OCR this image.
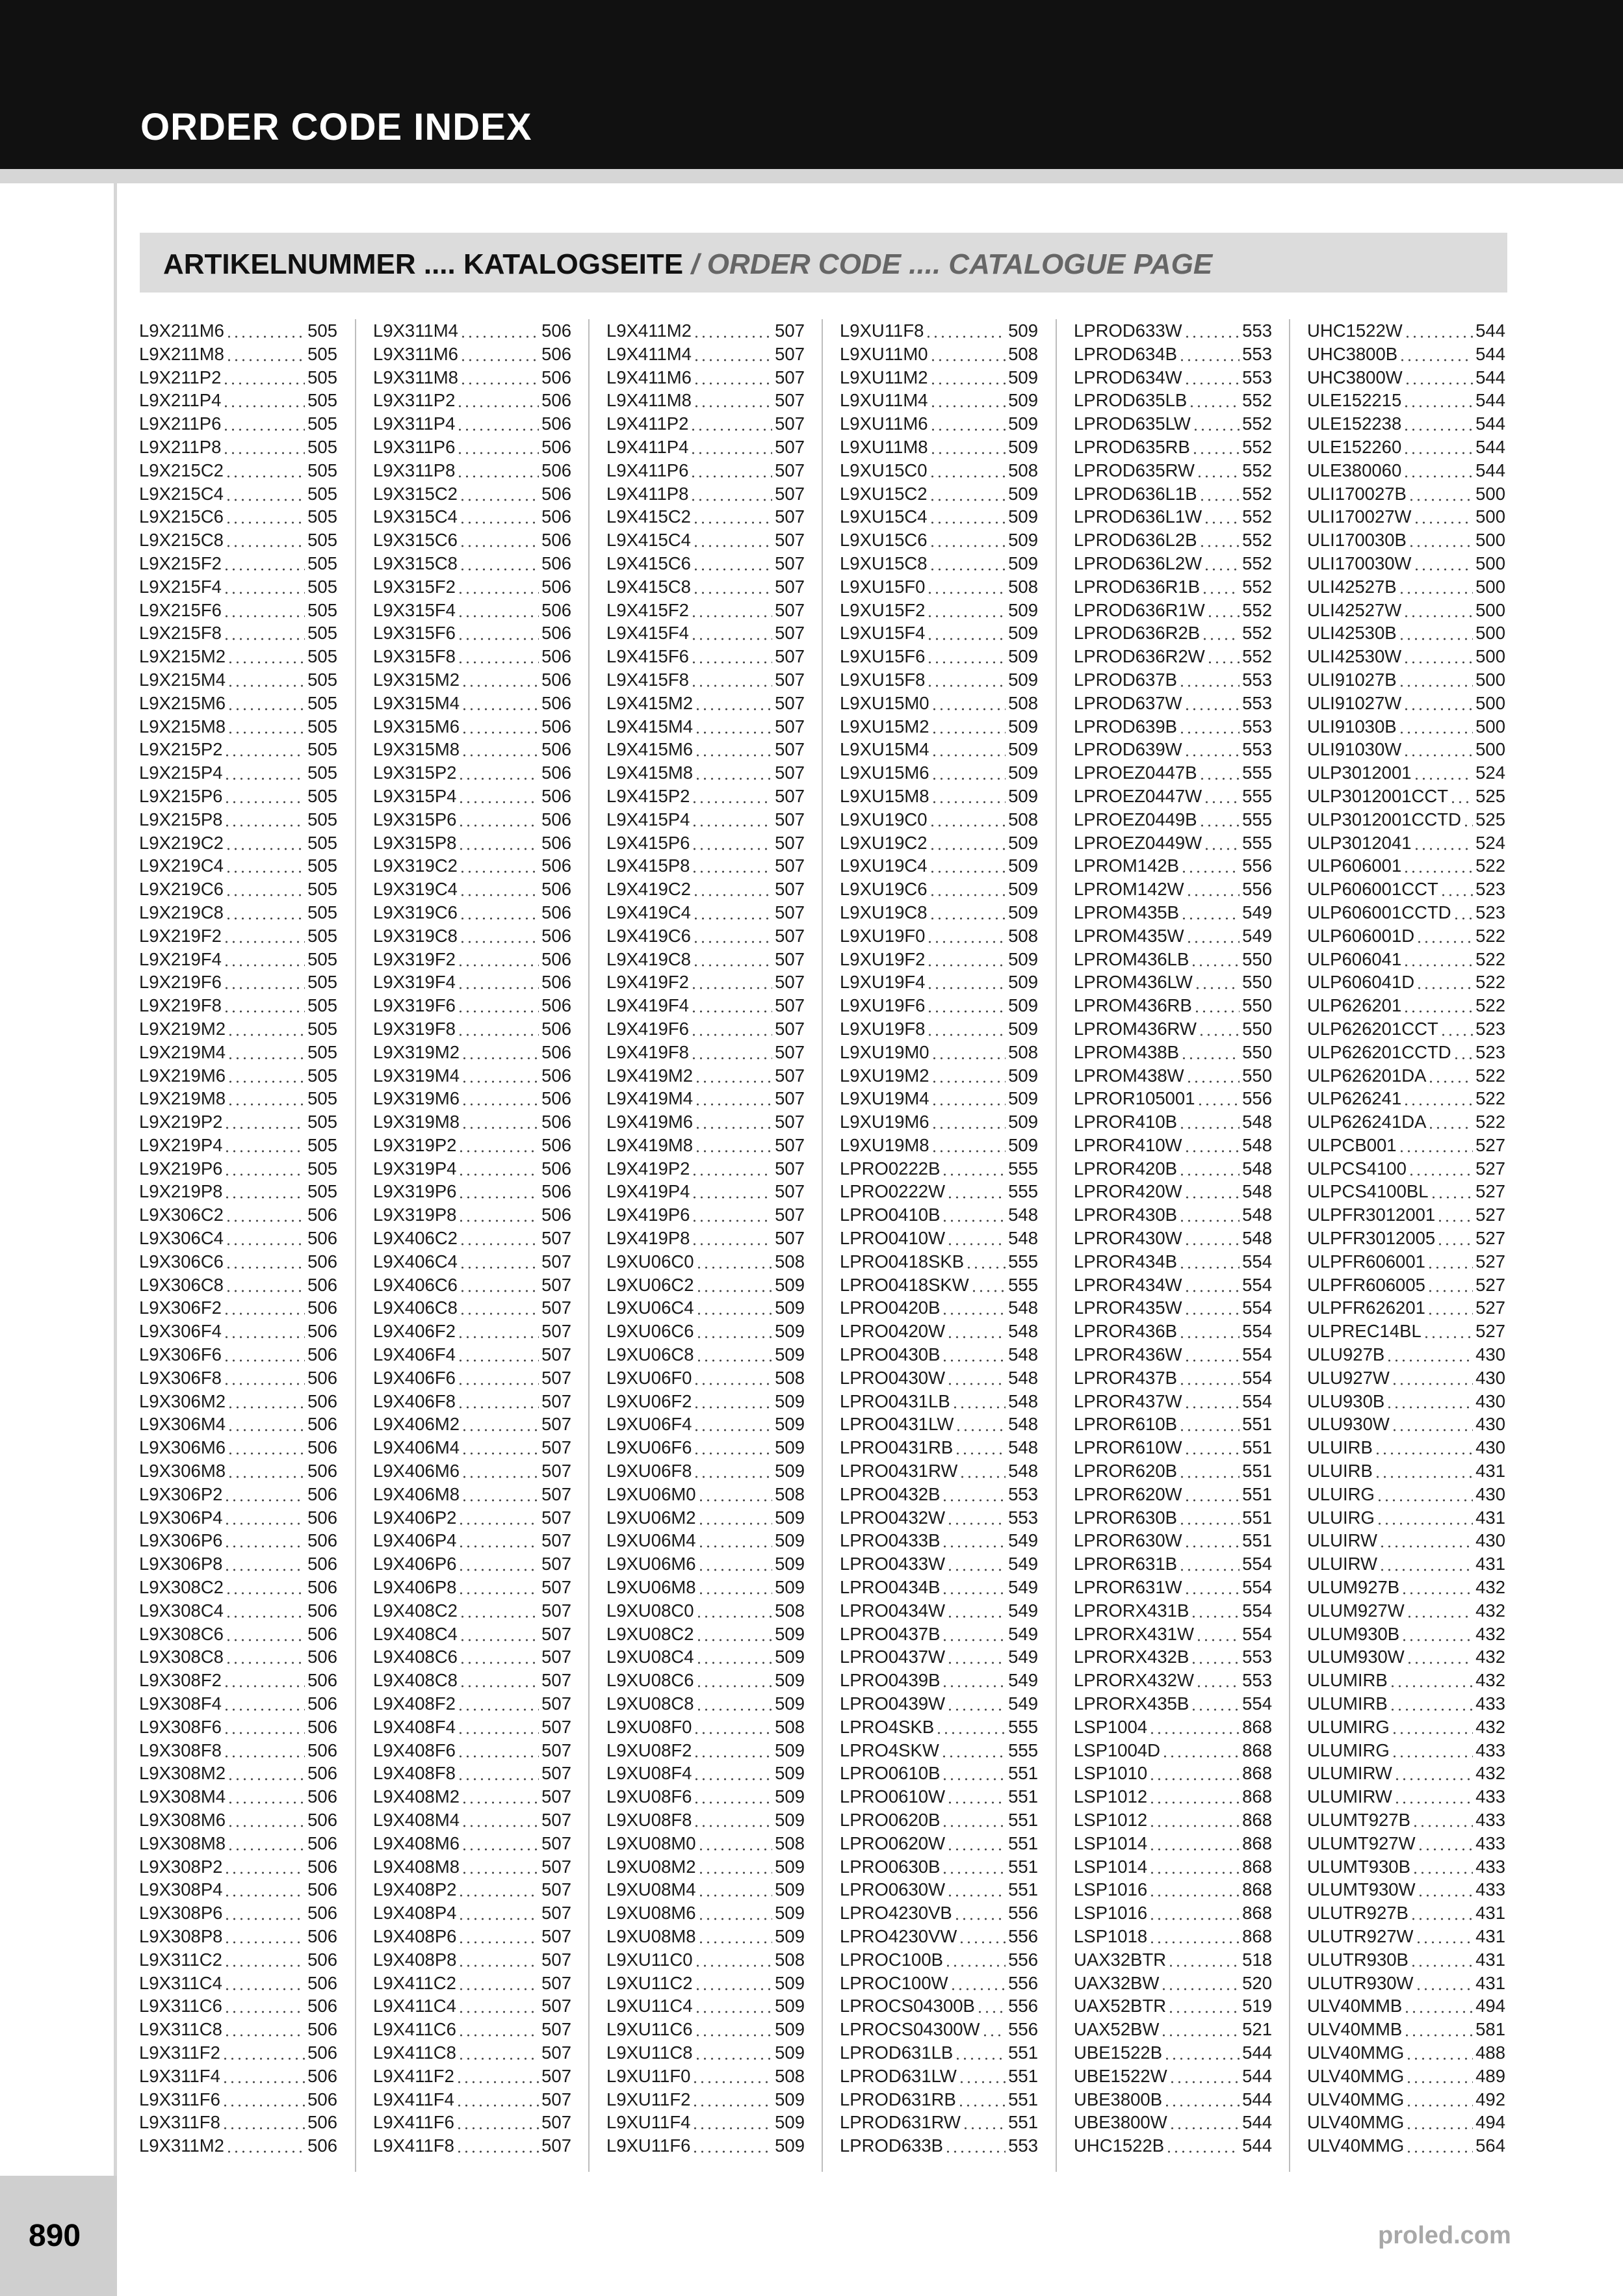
ORDER CODE INDEX
ARTIKELNUMMER .... KATALOGSEITE / ORDER CODE .... CATALOGUE PAGE
L9X211M6	505
L9X211M8	505
L9X211P2	505
L9X211P4	505
L9X211P6	505
L9X211P8	505
L9X215C2	505
L9X215C4	505
L9X215C6	505
L9X215C8	505
L9X215F2	505
L9X215F4	505
L9X215F6	505
L9X215F8	505
L9X215M2	505
L9X215M4	505
L9X215M6	505
L9X215M8	505
L9X215P2	505
L9X215P4	505
L9X215P6	505
L9X215P8	505
L9X219C2	505
L9X219C4	505
L9X219C6	505
L9X219C8	505
L9X219F2	505
L9X219F4	505
L9X219F6	505
L9X219F8	505
L9X219M2	505
L9X219M4	505
L9X219M6	505
L9X219M8	505
L9X219P2	505
L9X219P4	505
L9X219P6	505
L9X219P8	505
L9X306C2	506
L9X306C4	506
L9X306C6	506
L9X306C8	506
L9X306F2	506
L9X306F4	506
L9X306F6	506
L9X306F8	506
L9X306M2	506
L9X306M4	506
L9X306M6	506
L9X306M8	506
L9X306P2	506
L9X306P4	506
L9X306P6	506
L9X306P8	506
L9X308C2	506
L9X308C4	506
L9X308C6	506
L9X308C8	506
L9X308F2	506
L9X308F4	506
L9X308F6	506
L9X308F8	506
L9X308M2	506
L9X308M4	506
L9X308M6	506
L9X308M8	506
L9X308P2	506
L9X308P4	506
L9X308P6	506
L9X308P8	506
L9X311C2	506
L9X311C4	506
L9X311C6	506
L9X311C8	506
L9X311F2	506
L9X311F4	506
L9X311F6	506
L9X311F8	506
L9X311M2	506
L9X311M4	506
L9X311M6	506
L9X311M8	506
L9X311P2	506
L9X311P4	506
L9X311P6	506
L9X311P8	506
L9X315C2	506
L9X315C4	506
L9X315C6	506
L9X315C8	506
L9X315F2	506
L9X315F4	506
L9X315F6	506
L9X315F8	506
L9X315M2	506
L9X315M4	506
L9X315M6	506
L9X315M8	506
L9X315P2	506
L9X315P4	506
L9X315P6	506
L9X315P8	506
L9X319C2	506
L9X319C4	506
L9X319C6	506
L9X319C8	506
L9X319F2	506
L9X319F4	506
L9X319F6	506
L9X319F8	506
L9X319M2	506
L9X319M4	506
L9X319M6	506
L9X319M8	506
L9X319P2	506
L9X319P4	506
L9X319P6	506
L9X319P8	506
L9X406C2	507
L9X406C4	507
L9X406C6	507
L9X406C8	507
L9X406F2	507
L9X406F4	507
L9X406F6	507
L9X406F8	507
L9X406M2	507
L9X406M4	507
L9X406M6	507
L9X406M8	507
L9X406P2	507
L9X406P4	507
L9X406P6	507
L9X406P8	507
L9X408C2	507
L9X408C4	507
L9X408C6	507
L9X408C8	507
L9X408F2	507
L9X408F4	507
L9X408F6	507
L9X408F8	507
L9X408M2	507
L9X408M4	507
L9X408M6	507
L9X408M8	507
L9X408P2	507
L9X408P4	507
L9X408P6	507
L9X408P8	507
L9X411C2	507
L9X411C4	507
L9X411C6	507
L9X411C8	507
L9X411F2	507
L9X411F4	507
L9X411F6	507
L9X411F8	507
L9X411M2	507
L9X411M4	507
L9X411M6	507
L9X411M8	507
L9X411P2	507
L9X411P4	507
L9X411P6	507
L9X411P8	507
L9X415C2	507
L9X415C4	507
L9X415C6	507
L9X415C8	507
L9X415F2	507
L9X415F4	507
L9X415F6	507
L9X415F8	507
L9X415M2	507
L9X415M4	507
L9X415M6	507
L9X415M8	507
L9X415P2	507
L9X415P4	507
L9X415P6	507
L9X415P8	507
L9X419C2	507
L9X419C4	507
L9X419C6	507
L9X419C8	507
L9X419F2	507
L9X419F4	507
L9X419F6	507
L9X419F8	507
L9X419M2	507
L9X419M4	507
L9X419M6	507
L9X419M8	507
L9X419P2	507
L9X419P4	507
L9X419P6	507
L9X419P8	507
L9XU06C0	508
L9XU06C2	509
L9XU06C4	509
L9XU06C6	509
L9XU06C8	509
L9XU06F0	508
L9XU06F2	509
L9XU06F4	509
L9XU06F6	509
L9XU06F8	509
L9XU06M0	508
L9XU06M2	509
L9XU06M4	509
L9XU06M6	509
L9XU06M8	509
L9XU08C0	508
L9XU08C2	509
L9XU08C4	509
L9XU08C6	509
L9XU08C8	509
L9XU08F0	508
L9XU08F2	509
L9XU08F4	509
L9XU08F6	509
L9XU08F8	509
L9XU08M0	508
L9XU08M2	509
L9XU08M4	509
L9XU08M6	509
L9XU08M8	509
L9XU11C0	508
L9XU11C2	509
L9XU11C4	509
L9XU11C6	509
L9XU11C8	509
L9XU11F0	508
L9XU11F2	509
L9XU11F4	509
L9XU11F6	509
L9XU11F8	509
L9XU11M0	508
L9XU11M2	509
L9XU11M4	509
L9XU11M6	509
L9XU11M8	509
L9XU15C0	508
L9XU15C2	509
L9XU15C4	509
L9XU15C6	509
L9XU15C8	509
L9XU15F0	508
L9XU15F2	509
L9XU15F4	509
L9XU15F6	509
L9XU15F8	509
L9XU15M0	508
L9XU15M2	509
L9XU15M4	509
L9XU15M6	509
L9XU15M8	509
L9XU19C0	508
L9XU19C2	509
L9XU19C4	509
L9XU19C6	509
L9XU19C8	509
L9XU19F0	508
L9XU19F2	509
L9XU19F4	509
L9XU19F6	509
L9XU19F8	509
L9XU19M0	508
L9XU19M2	509
L9XU19M4	509
L9XU19M6	509
L9XU19M8	509
LPRO0222B	555
LPRO0222W	555
LPRO0410B	548
LPRO0410W	548
LPRO0418SKB 555
LPRO0418SKW 555
LPRO0420B	548
LPRO0420W	548
LPRO0430B	548
LPRO0430W	548
LPRO0431LB	548
LPRO0431LW	548
LPRO0431RB	548
LPRO0431RW	548
LPRO0432B	553
LPRO0432W	553
LPRO0433B	549
LPRO0433W	549
LPRO0434B	549
LPRO0434W	549
LPRO0437B	549
LPRO0437W	549
LPRO0439B	549
LPRO0439W	549
LPRO4SKB	555
LPRO4SKW	555
LPRO0610B	551
LPRO0610W	551
LPRO0620B	551
LPRO0620W	551
LPRO0630B	551
LPRO0630W	551
LPRO4230VB	556
LPRO4230VW	556
LPROC100B	556
LPROC100W	556
LPROCS04300B 556
LPROCS04300W 556
LPROD631LB	551
LPROD631LW	551
LPROD631RB	551
LPROD631RW	551
LPROD633B	553
LPROD633W	553
LPROD634B	553
LPROD634W	553
LPROD635LB	552
LPROD635LW	552
LPROD635RB	552
LPROD635RW	552
LPROD636L1B	552
LPROD636L1W 552
LPROD636L2B	552
LPROD636L2W 552
LPROD636R1B 552
LPROD636R1W 552
LPROD636R2B 552
LPROD636R2W 552
LPROD637B	553
LPROD637W	553
LPROD639B	553
LPROD639W	553
LPROEZ0447B	555
LPROEZ0447W 555
LPROEZ0449B	555
LPROEZ0449W 555
LPROM142B	556
LPROM142W	556
LPROM435B	549
LPROM435W	549
LPROM436LB	550
LPROM436LW	550
LPROM436RB	550
LPROM436RW	550
LPROM438B	550
LPROM438W	550
LPROR105001	556
LPROR410B	548
LPROR410W	548
LPROR420B	548
LPROR420W	548
LPROR430B	548
LPROR430W	548
LPROR434B	554
LPROR434W	554
LPROR435W	554
LPROR436B	554
LPROR436W	554
LPROR437B	554
LPROR437W	554
LPROR610B	551
LPROR610W	551
LPROR620B	551
LPROR620W	551
LPROR630B	551
LPROR630W	551
LPROR631B	554
LPROR631W	554
LPRORX431B	554
LPRORX431W	554
LPRORX432B	553
LPRORX432W	553
LPRORX435B	554
LSP1004	868
LSP1004D	868
LSP1010	868
LSP1012	868
LSP1012	868
LSP1014	868
LSP1014	868
LSP1016	868
LSP1016	868
LSP1018	868
UAX32BTR	518
UAX32BW	520
UAX52BTR	519
UAX52BW	521
UBE1522B	544
UBE1522W	544
UBE3800B	544
UBE3800W	544
UHC1522B	544
UHC1522W	544
UHC3800B	544
UHC3800W	544
ULE152215	544
ULE152238	544
ULE152260	544
ULE380060	544
ULI170027B	500
ULI170027W	500
ULI170030B	500
ULI170030W	500
ULI42527B	500
ULI42527W	500
ULI42530B	500
ULI42530W	500
ULI91027B	500
ULI91027W	500
ULI91030B	500
ULI91030W	500
ULP3012001	524
ULP3012001CCT 525
ULP3012001CCTD 525
ULP3012041	524
ULP606001	522
ULP606001CCT 523
ULP606001CCTD 523
ULP606001D	522
ULP606041	522
ULP606041D	522
ULP626201	522
ULP626201CCT 523
ULP626201CCTD 523
ULP626201DA	522
ULP626241	522
ULP626241DA	522
ULPCB001	527
ULPCS4100	527
ULPCS4100BL	527
ULPFR3012001 527
ULPFR3012005 527
ULPFR606001	527
ULPFR606005	527
ULPFR626201	527
ULPREC14BL	527
ULU927B	430
ULU927W	430
ULU930B	430
ULU930W	430
ULUIRB	430
ULUIRB	431
ULUIRG	430
ULUIRG	431
ULUIRW	430
ULUIRW	431
ULUM927B	432
ULUM927W	432
ULUM930B	432
ULUM930W	432
ULUMIRB	432
ULUMIRB	433
ULUMIRG	432
ULUMIRG	433
ULUMIRW	432
ULUMIRW	433
ULUMT927B	433
ULUMT927W	433
ULUMT930B	433
ULUMT930W	433
ULUTR927B	431
ULUTR927W	431
ULUTR930B	431
ULUTR930W	431
ULV40MMB	494
ULV40MMB	581
ULV40MMG	488
ULV40MMG	489
ULV40MMG	492
ULV40MMG	494
ULV40MMG	564
890	proled.com
